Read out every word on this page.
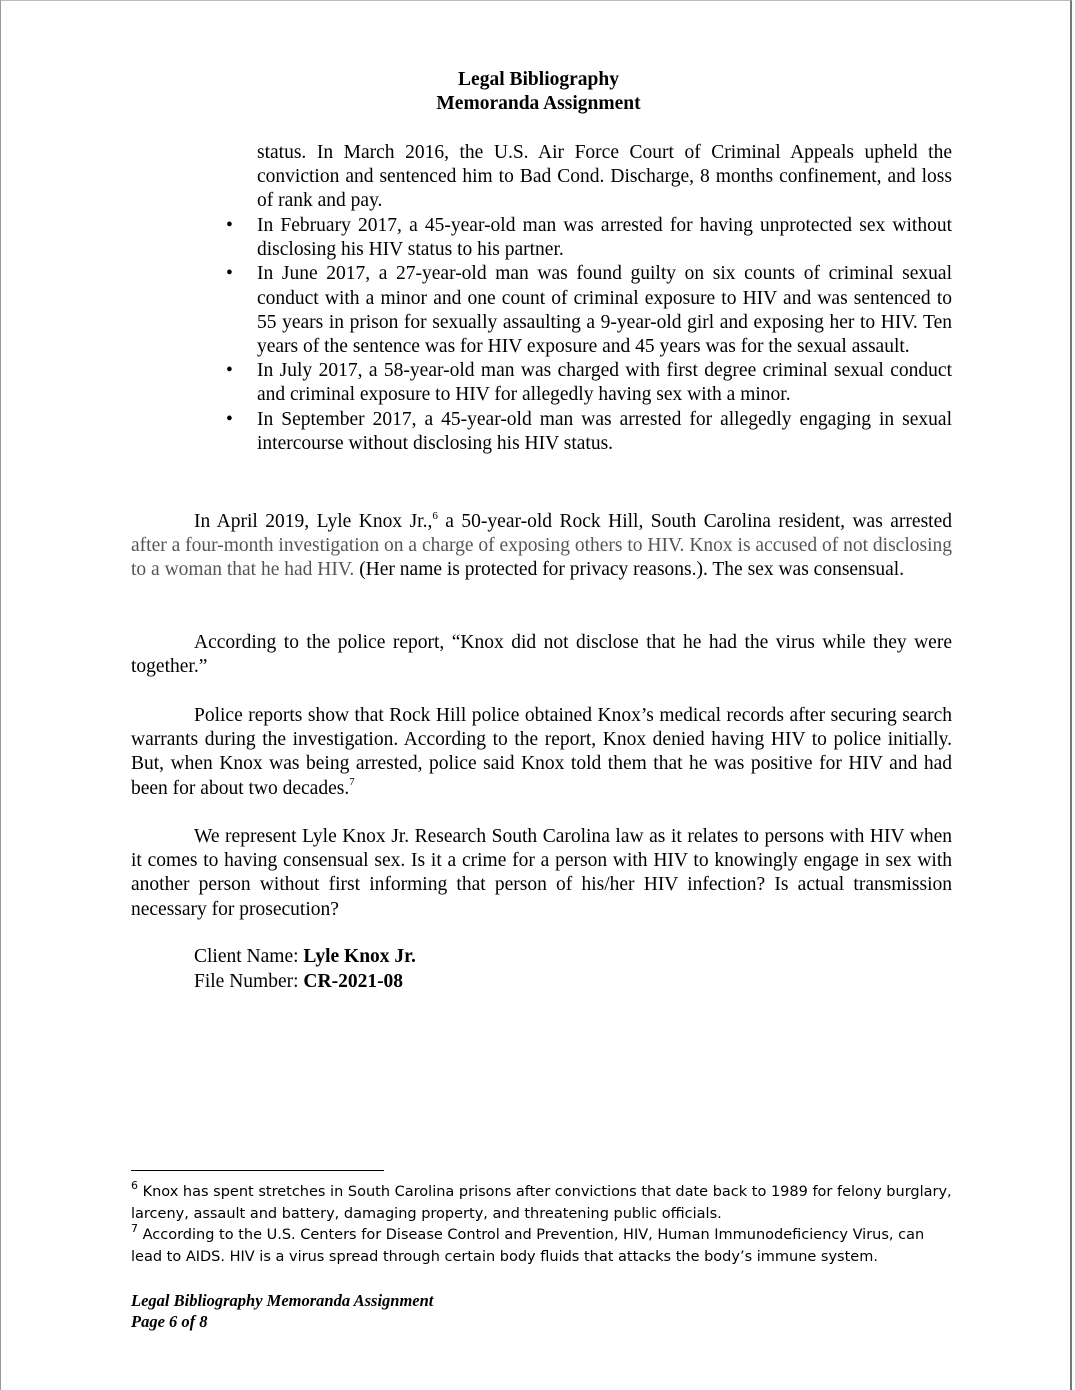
Legal Bibliography
Memoranda Assignment
status. In March 2016, the U.S. Air Force Court of Criminal Appeals upheld the conviction and sentenced him to Bad Cond. Discharge, 8 months confinement, and loss of rank and pay.
• In February 2017, a 45-year-old man was arrested for having unprotected sex without disclosing his HIV status to his partner.
• In June 2017, a 27-year-old man was found guilty on six counts of criminal sexual conduct with a minor and one count of criminal exposure to HIV and was sentenced to 55 years in prison for sexually assaulting a 9-year-old girl and exposing her to HIV. Ten years of the sentence was for HIV exposure and 45 years was for the sexual assault.
• In July 2017, a 58-year-old man was charged with first degree criminal sexual conduct and criminal exposure to HIV for allegedly having sex with a minor.
• In September 2017, a 45-year-old man was arrested for allegedly engaging in sexual intercourse without disclosing his HIV status.
In April 2019, Lyle Knox Jr.,$^6$ a 50-year-old Rock Hill, South Carolina resident, was arrested after a four-month investigation on a charge of exposing others to HIV. Knox is accused of not disclosing to a woman that he had HIV. (Her name is protected for privacy reasons.). The sex was consensual.
According to the police report, “Knox did not disclose that he had the virus while they were together.”
Police reports show that Rock Hill police obtained Knox’s medical records after securing search warrants during the investigation. According to the report, Knox denied having HIV to police initially. But, when Knox was being arrested, police said Knox told them that he was positive for HIV and had been for about two decades.$^7$
We represent Lyle Knox Jr. Research South Carolina law as it relates to persons with HIV when it comes to having consensual sex. Is it a crime for a person with HIV to knowingly engage in sex with another person without first informing that person of his/her HIV infection? Is actual transmission necessary for prosecution?
Client Name: Lyle Knox Jr.
File Number: CR-2021-08

$^6$ Knox has spent stretches in South Carolina prisons after convictions that date back to 1989 for felony burglary, larceny, assault and battery, damaging property, and threatening public officials.

$^7$ According to the U.S. Centers for Disease Control and Prevention, HIV, Human Immunodeficiency Virus, can lead to AIDS. HIV is a virus spread through certain body fluids that attacks the body’s immune system.

Legal Bibliography Memoranda Assignment
Page 6 of 8
